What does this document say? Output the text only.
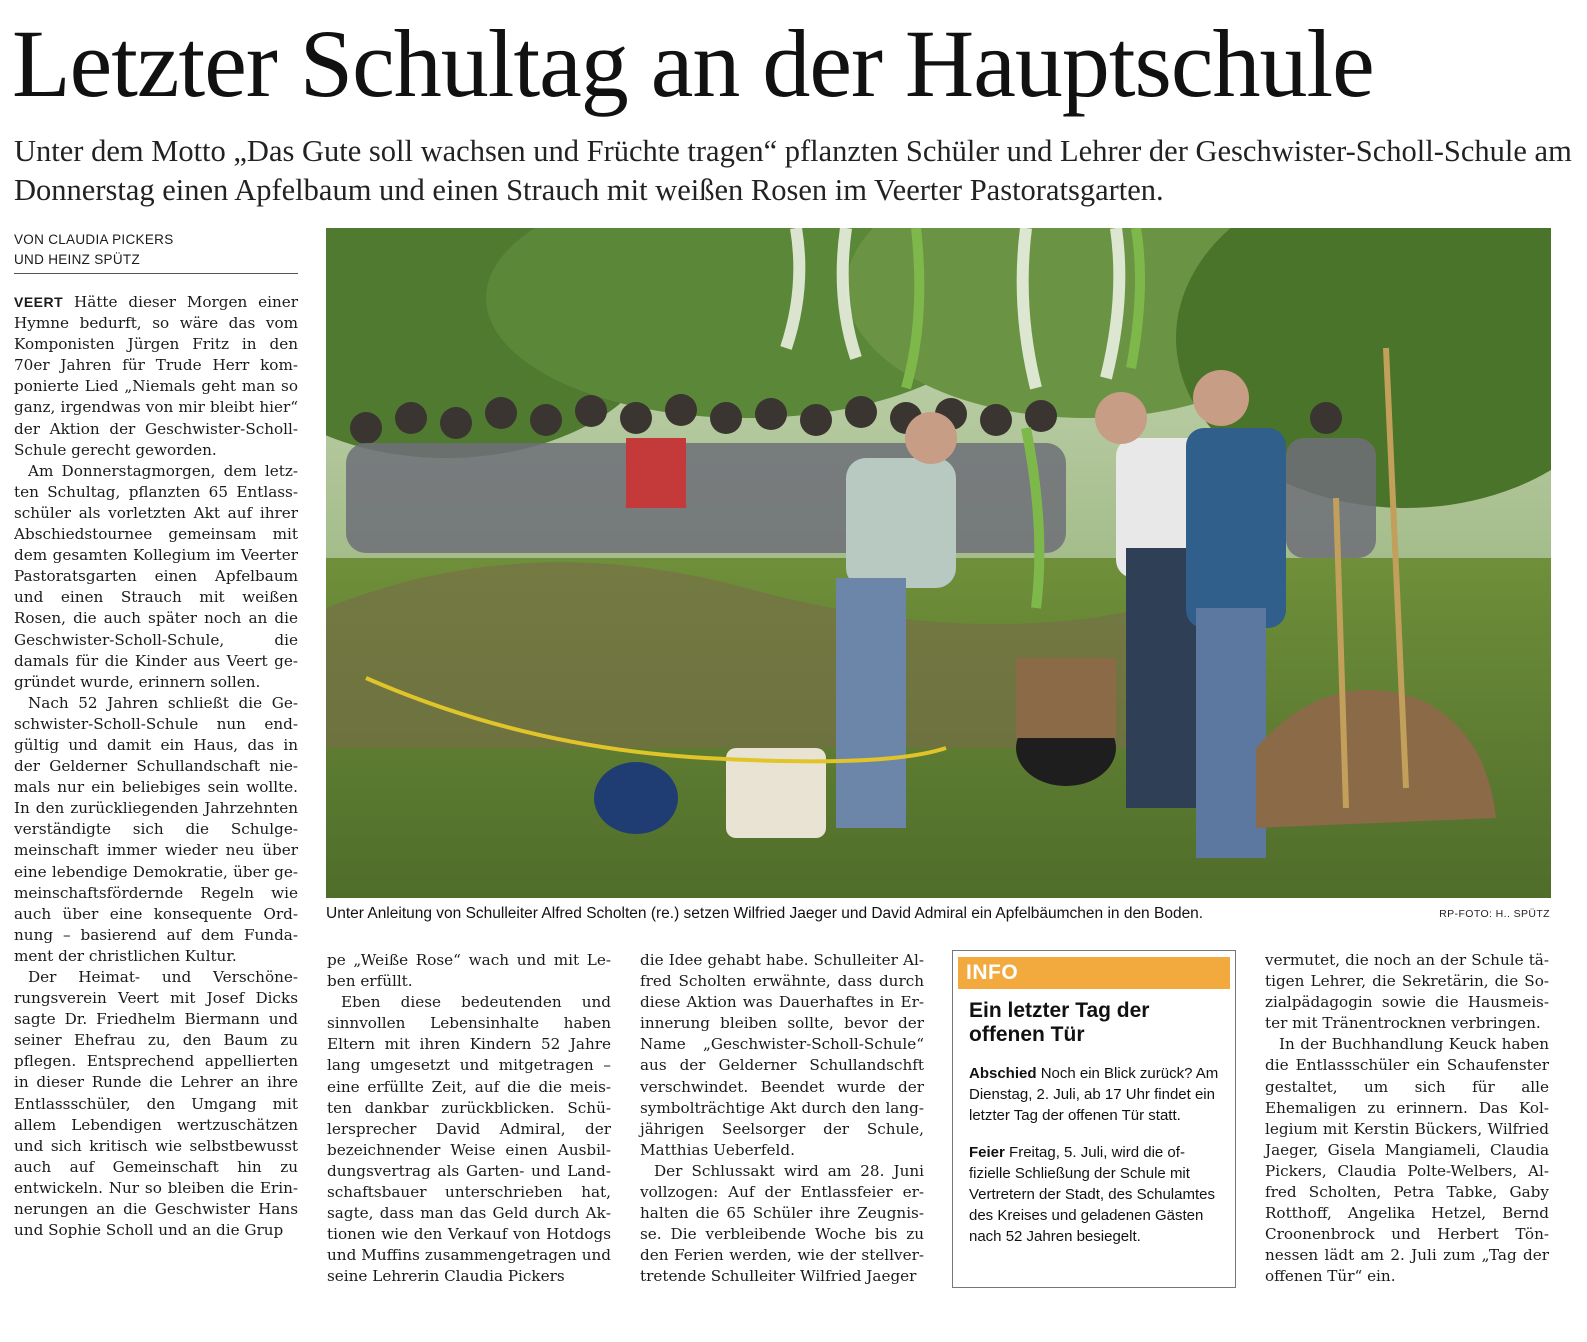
Letzter Schultag an der Hauptschule
Unter dem Motto „Das Gute soll wachsen und Früchte tragen“ pflanzten Schüler und Lehrer der Geschwister-Scholl-Schule am Donnerstag einen Apfelbaum und einen Strauch mit weißen Rosen im Veerter Pastoratsgarten.
VON CLAUDIA PICKERS
UND HEINZ SPÜTZ

VEERT Hätte dieser Morgen einer Hymne bedurft, so wäre das vom Komponisten Jürgen Fritz in den 70er Jahren für Trude Herr komponierte Lied „Niemals geht man so ganz, irgendwas von mir bleibt hier“ der Aktion der Geschwister-Scholl-Schule gerecht geworden.

Am Donnerstagmorgen, dem letzten Schultag, pflanzten 65 Entlassschüler als vorletzten Akt auf ihrer Abschiedstournee gemeinsam mit dem gesamten Kollegium im Veerter Pastoratsgarten einen Apfelbaum und einen Strauch mit weißen Rosen, die auch später noch an die Geschwister-Scholl-Schule, die damals für die Kinder aus Veert gegründet wurde, erinnern sollen.

Nach 52 Jahren schließt die Geschwister-Scholl-Schule nun endgültig und damit ein Haus, das in der Gelderner Schullandschaft niemals nur ein beliebiges sein wollte. In den zurückliegenden Jahrzehnten verständigte sich die Schulgemeinschaft immer wieder neu über eine lebendige Demokratie, über gemeinschaftsfördernde Regeln wie auch über eine konsequente Ordnung – basierend auf dem Fundament der christlichen Kultur.

Der Heimat- und Verschönerungsverein Veert mit Josef Dicks sagte Dr. Friedhelm Biermann und seiner Ehefrau zu, den Baum zu pflegen. Entsprechend appellierten in dieser Runde die Lehrer an ihre Entlassschüler, den Umgang mit allem Lebendigen wertzuschätzen und sich kritisch wie selbstbewusst auch auf Gemeinschaft hin zu entwickeln. Nur so bleiben die Erinnerungen an die Geschwister Hans und Sophie Scholl und an die Grup

Unter Anleitung von Schulleiter Alfred Scholten (re.) setzen Wilfried Jaeger und David Admiral ein Apfelbäumchen in den Boden.	RP-FOTO: H.. SPÜTZ

pe „Weiße Rose“ wach und mit Leben erfüllt.

Eben diese bedeutenden und sinnvollen Lebensinhalte haben Eltern mit ihren Kindern 52 Jahre lang umgesetzt und mitgetragen – eine erfüllte Zeit, auf die die meisten dankbar zurückblicken. Schülersprecher David Admiral, der bezeichnender Weise einen Ausbildungsvertrag als Garten- und Landschaftsbauer unterschrieben hat, sagte, dass man das Geld durch Aktionen wie den Verkauf von Hotdogs und Muffins zusammengetragen und seine Lehrerin Claudia Pickers

die Idee gehabt habe. Schulleiter Alfred Scholten erwähnte, dass durch diese Aktion was Dauerhaftes in Erinnerung bleiben sollte, bevor der Name „Geschwister-Scholl-Schule“ aus der Gelderner Schullandschft verschwindet. Beendet wurde der symbolträchtige Akt durch den langjährigen Seelsorger der Schule, Matthias Ueberfeld.

Der Schlussakt wird am 28. Juni vollzogen: Auf der Entlassfeier erhalten die 65 Schüler ihre Zeugnisse. Die verbleibende Woche bis zu den Ferien werden, wie der stellvertretende Schulleiter Wilfried Jaeger

INFO
Ein letzter Tag der offenen Tür

Abschied Noch ein Blick zurück? Am Dienstag, 2. Juli, ab 17 Uhr findet ein letzter Tag der offenen Tür statt.

Feier Freitag, 5. Juli, wird die offizielle Schließung der Schule mit Vertretern der Stadt, des Schulamtes des Kreises und geladenen Gästen nach 52 Jahren besiegelt.

vermutet, die noch an der Schule tätigen Lehrer, die Sekretärin, die Sozialpädagogin sowie die Hausmeister mit Tränentrocknen verbringen.

In der Buchhandlung Keuck haben die Entlassschüler ein Schaufenster gestaltet, um sich für alle Ehemaligen zu erinnern. Das Kollegium mit Kerstin Bückers, Wilfried Jaeger, Gisela Mangiameli, Claudia Pickers, Claudia Polte-Welbers, Alfred Scholten, Petra Tabke, Gaby Rotthoff, Angelika Hetzel, Bernd Croonenbrock und Herbert Tönnessen lädt am 2. Juli zum „Tag der offenen Tür“ ein.
